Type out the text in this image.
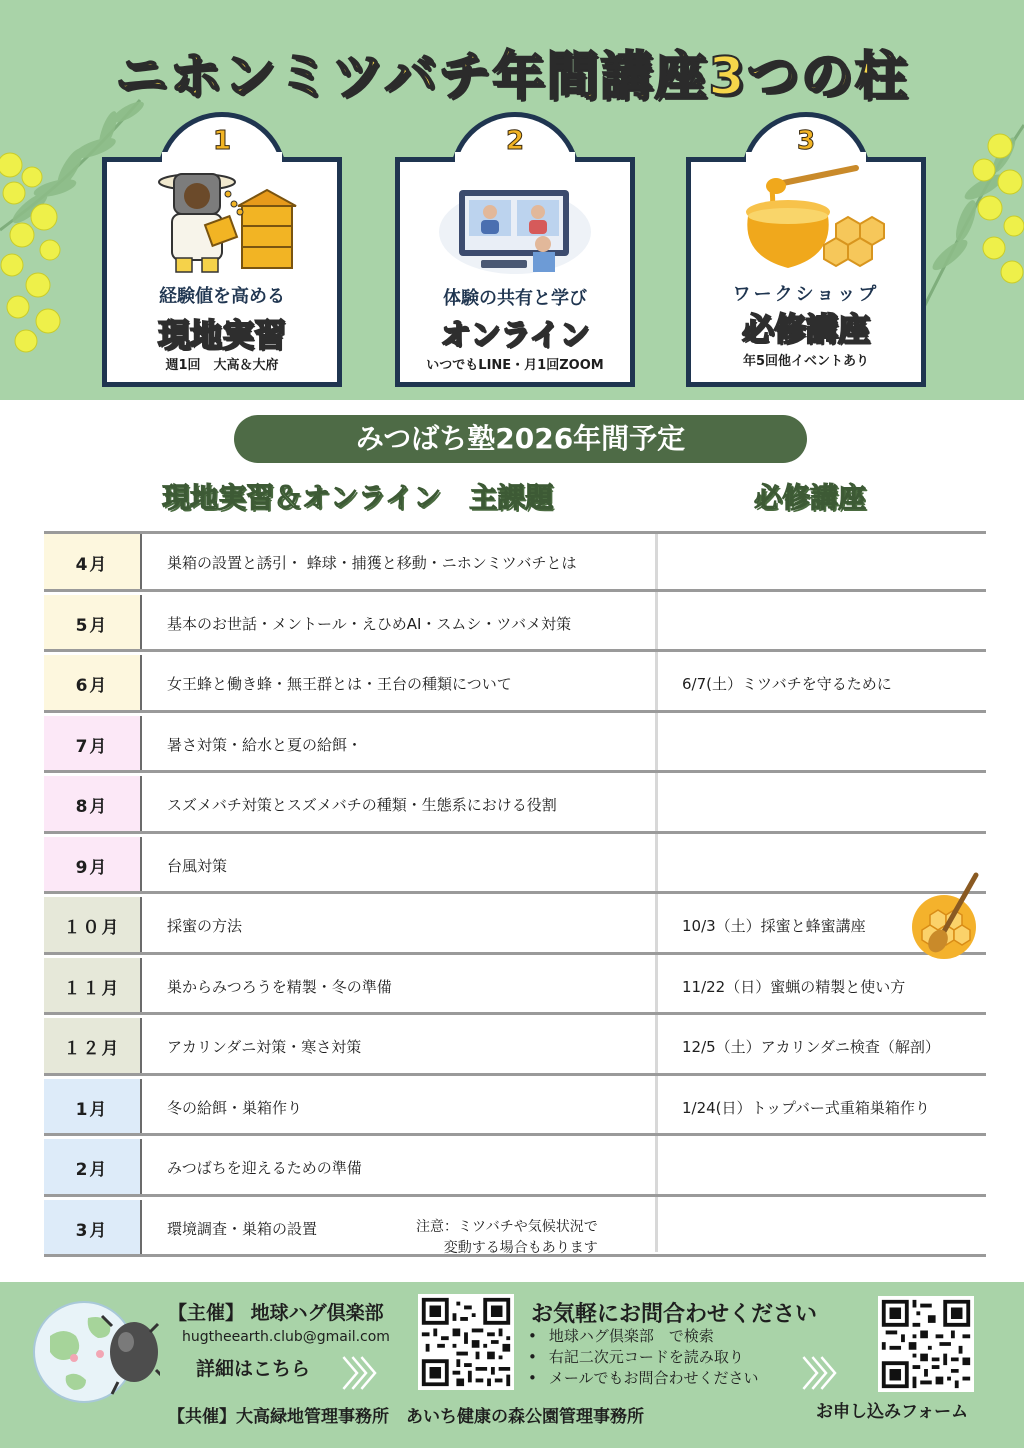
ニホンミツバチ年間講座3つの柱
1
経験値を高める
現地実習
週1回　大高＆大府
2
体験の共有と学び
オンライン
いつでもLINE・月1回ZOOM
3
ワークショップ
必修講座
年5回他イベントあり
みつばち塾2026年間予定
現地実習＆オンライン　主課題	必修講座
4月	巣箱の設置と誘引・ 蜂球・捕獲と移動・ニホンミツバチとは
5月	基本のお世話・メントール・えひめAI・スムシ・ツバメ対策
6月	女王蜂と働き蜂・無王群とは・王台の種類について	6/7(土）ミツバチを守るために
7月	暑さ対策・給水と夏の給餌・
8月	スズメバチ対策とスズメバチの種類・生態系における役割
9月	台風対策
１０月	採蜜の方法	10/3（土）採蜜と蜂蜜講座
１１月	巣からみつろうを精製・冬の準備	11/22（日）蜜蝋の精製と使い方
１２月	アカリンダニ対策・寒さ対策	12/5（土）アカリンダニ検査（解剖）
1月	冬の給餌・巣箱作り	1/24(日）トップバー式重箱巣箱作り
2月	みつばちを迎えるための準備
3月	環境調査・巣箱の設置	注意：ミツバチや気候状況で
変動する場合もあります
【主催】 地球ハグ倶楽部
hugtheearth.club@gmail.com
詳細はこちら 〉〉〉
お気軽にお問合わせください
• 地球ハグ倶楽部　で検索
• 右記二次元コードを読み取り
• メールでもお問合わせください 〉〉〉
お申し込みフォーム
【共催】大高緑地管理事務所　あいち健康の森公園管理事務所
